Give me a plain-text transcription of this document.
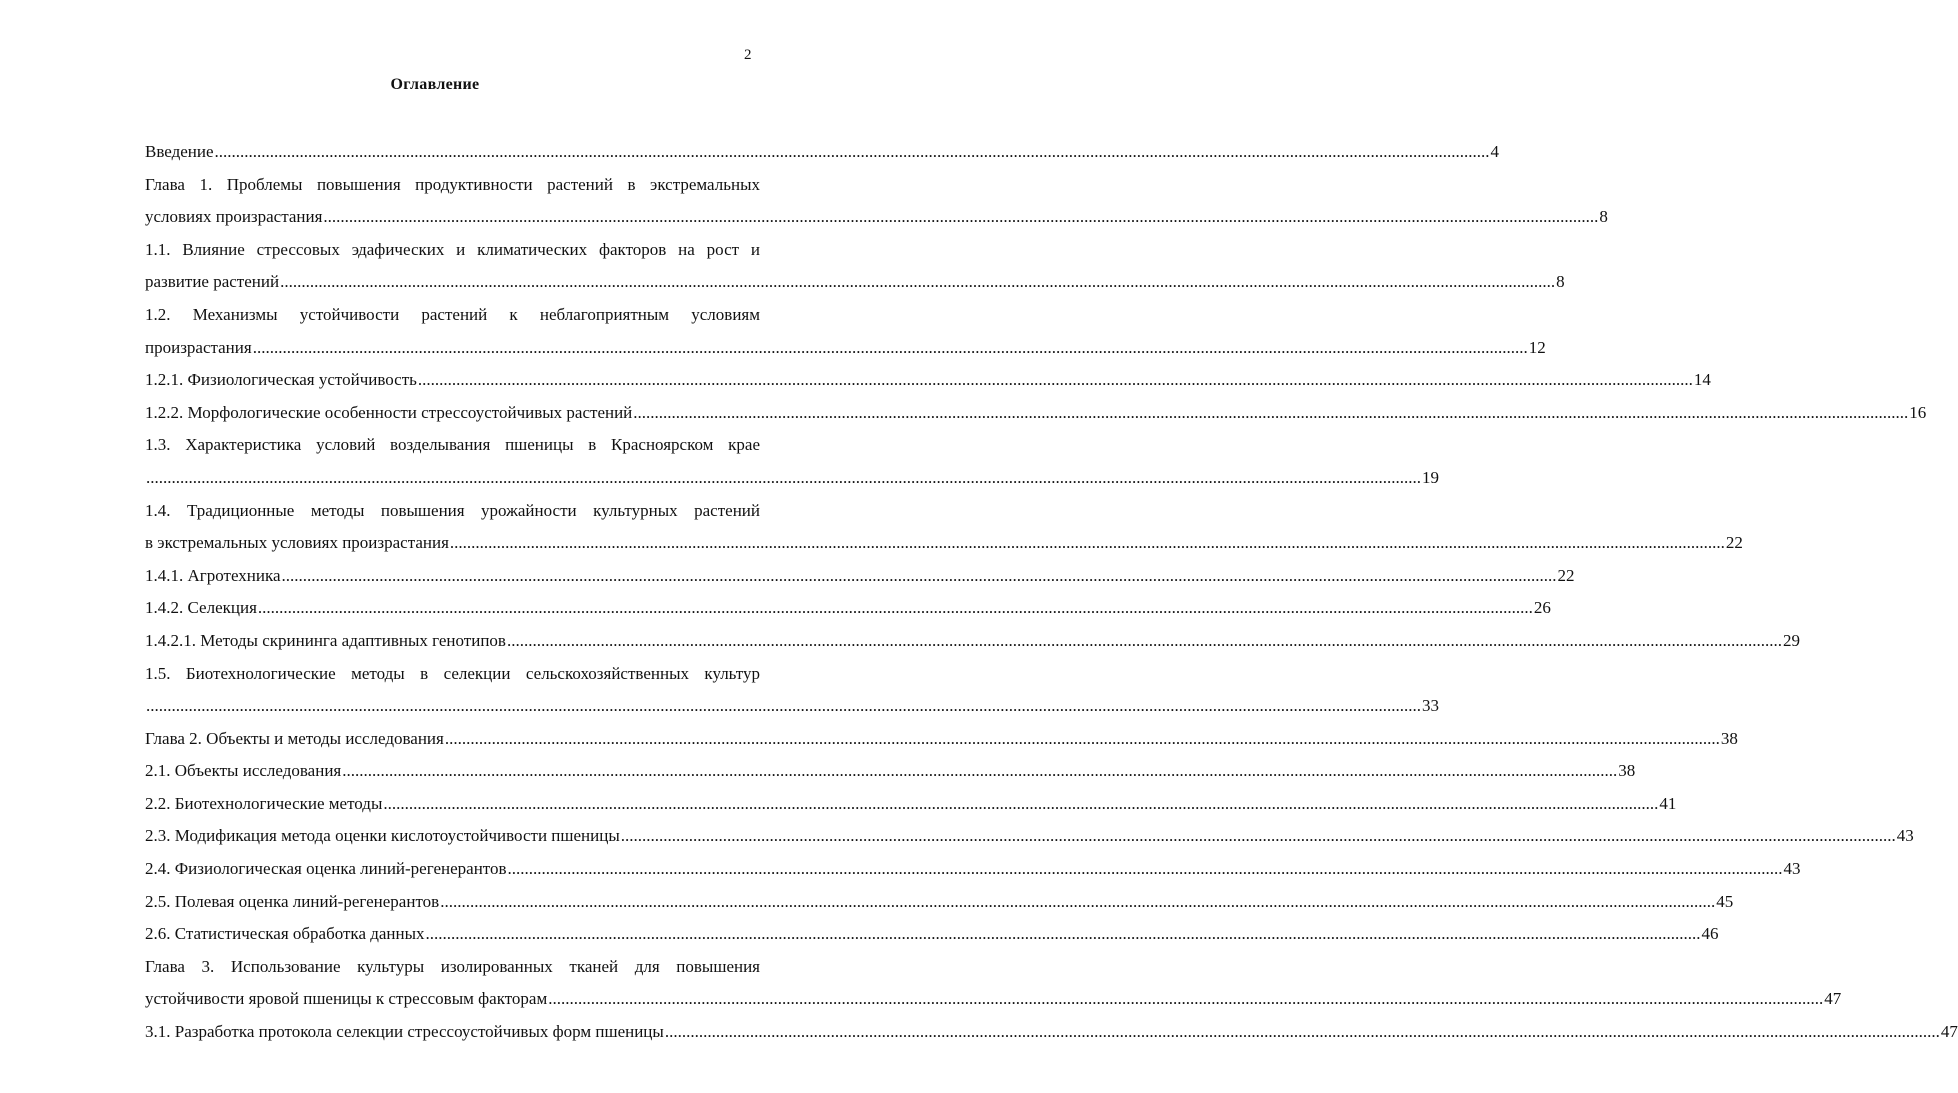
2
Оглавление
Введение ............................................................................................................................................................................................................................................................................................................ 4
Глава 1. Проблемы повышения продуктивности растений в экстремальных
условиях произрастания ............................................................................................................................................................................................................................................................................................................ 8
1.1. Влияние стрессовых эдафических и климатических факторов на рост и
развитие растений ............................................................................................................................................................................................................................................................................................................ 8
1.2. Механизмы устойчивости растений к неблагоприятным условиям
произрастания ............................................................................................................................................................................................................................................................................................................ 12
1.2.1. Физиологическая устойчивость ............................................................................................................................................................................................................................................................................................................ 14
1.2.2. Морфологические особенности стрессоустойчивых растений ............................................................................................................................................................................................................................................................................................................ 16
1.3. Характеристика условий возделывания пшеницы в Красноярском крае
............................................................................................................................................................................................................................................................................................................ 19
1.4. Традиционные методы повышения урожайности культурных растений
в экстремальных условиях произрастания ............................................................................................................................................................................................................................................................................................................ 22
1.4.1. Агротехника ............................................................................................................................................................................................................................................................................................................ 22
1.4.2. Селекция ............................................................................................................................................................................................................................................................................................................ 26
1.4.2.1. Методы скрининга адаптивных генотипов ............................................................................................................................................................................................................................................................................................................ 29
1.5. Биотехнологические методы в селекции сельскохозяйственных культур
............................................................................................................................................................................................................................................................................................................ 33
Глава 2. Объекты и методы исследования ............................................................................................................................................................................................................................................................................................................ 38
2.1. Объекты исследования ............................................................................................................................................................................................................................................................................................................ 38
2.2. Биотехнологические методы ............................................................................................................................................................................................................................................................................................................ 41
2.3. Модификация метода оценки кислотоустойчивости пшеницы ............................................................................................................................................................................................................................................................................................................ 43
2.4. Физиологическая оценка линий-регенерантов ............................................................................................................................................................................................................................................................................................................ 43
2.5. Полевая оценка линий-регенерантов ............................................................................................................................................................................................................................................................................................................ 45
2.6. Статистическая обработка данных ............................................................................................................................................................................................................................................................................................................ 46
Глава 3. Использование культуры изолированных тканей для повышения
устойчивости яровой пшеницы к стрессовым факторам ............................................................................................................................................................................................................................................................................................................ 47
3.1. Разработка протокола селекции стрессоустойчивых форм пшеницы ............................................................................................................................................................................................................................................................................................................ 47
